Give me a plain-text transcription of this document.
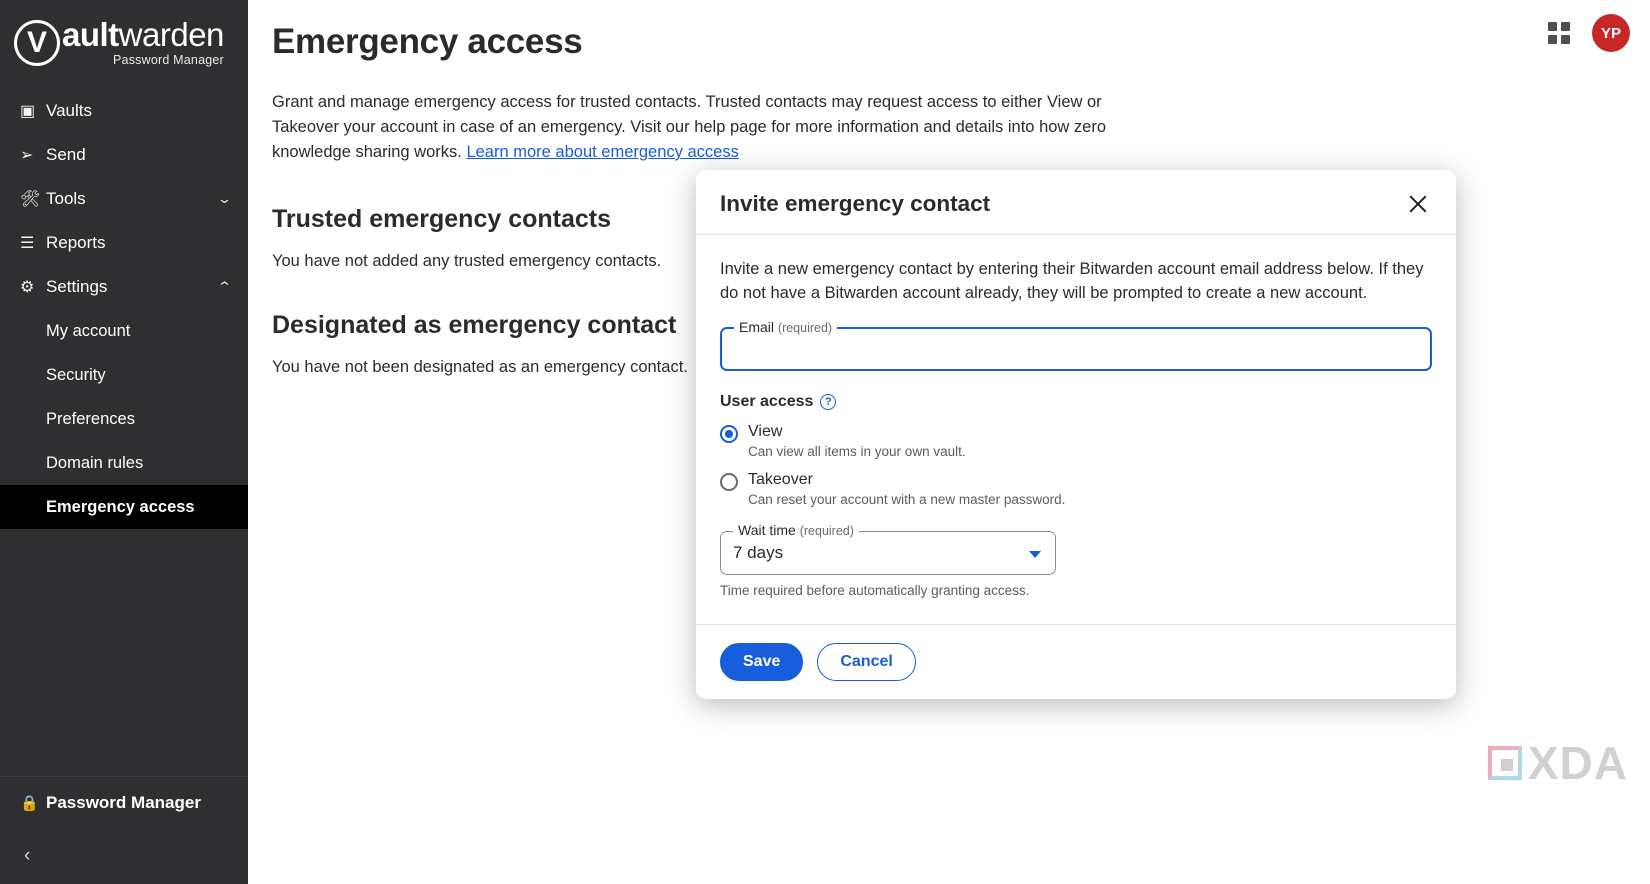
V aultwarden
Password Manager
▣ Vaults
➢ Send
🛠 Tools	⌄
☰ Reports
⚙ Settings	⌃
My account
Security
Preferences
Domain rules
Emergency access
🔒 Password Manager
‹
YP
Emergency access
Grant and manage emergency access for trusted contacts. Trusted contacts may request access to either View or Takeover your account in case of an emergency. Visit our help page for more information and details into how zero knowledge sharing works. Learn more about emergency access
Trusted emergency contacts
You have not added any trusted emergency contacts.
Designated as emergency contact
You have not been designated as an emergency contact.
XDA
Invite emergency contact
Invite a new emergency contact by entering their Bitwarden account email address below. If they do not have a Bitwarden account already, they will be prompted to create a new account.
Email (required)
User access	?
View
Can view all items in your own vault.
Takeover
Can reset your account with a new master password.
Wait time (required)
7 days
Time required before automatically granting access.
Save	Cancel
